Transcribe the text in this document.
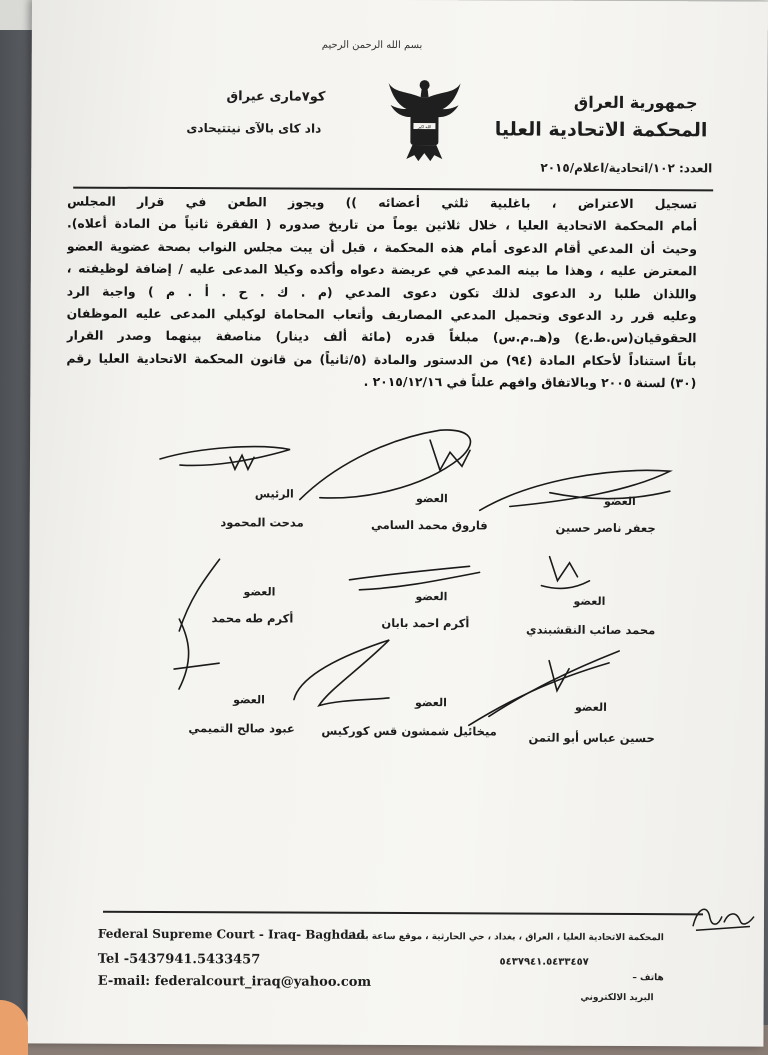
بسم الله الرحمن الرحيم
جمهورية العراق
المحكمة الاتحادية العليا
العدد: ١٠٢/اتحادية/اعلام/٢٠١٥
كو٧ماری عیراق
داد کای بالآی نیتتیحادی	الله اكبر
تسجيل الاعتراض ، باغلبية ثلثي أعضائه )) ويجوز الطعن في قرار المجلس
أمام المحكمة الاتحادية العليا ، خلال ثلاثين يوماً من تاريخ صدوره ( الفقرة ثانياً من المادة أعلاه).
وحيث أن المدعي أقام الدعوى أمام هذه المحكمة ، قبل أن يبت مجلس النواب بصحة عضوية العضو
المعترض عليه ، وهذا ما بينه المدعي في عريضة دعواه وأكده وكيلا المدعى عليه / إضافة لوظيفته ،
واللذان طلبا رد الدعوى لذلك تكون دعوى المدعي (م . ك . ح . أ . م ) واجبة الرد
وعليه قرر رد الدعوى وتحميل المدعي المصاريف وأتعاب المحاماة لوكيلي المدعى عليه الموظفان
الحقوقيان(س.ط.ع) و(هـ.م.س) مبلغاً قدره (مائة ألف دينار) مناصفة بينهما وصدر القرار
باتاً استناداً لأحكام المادة (٩٤) من الدستور والمادة (٥/ثانياً) من قانون المحكمة الاتحادية العليا رقم
(٣٠) لسنة ٢٠٠٥ وبالاتفاق وافهم علناً في ٢٠١٥/١٢/١٦ .
الرئيس
مدحت المحمود
العضو
فاروق محمد السامي
العضو
جعفر ناصر حسين
العضو
أكرم طه محمد
العضو
أكرم احمد بابان
العضو
محمد صائب النقشبندي
العضو
عبود صالح التميمي
العضو
ميخائيل شمشون قس كوركيس
العضو
حسين عباس أبو التمن
Federal Supreme Court - Iraq- Baghdad
Tel -5437941.5433457
E-mail: federalcourt_iraq@yahoo.com
المحكمة الاتحادية العليا ، العراق ، بغداد ، حي الحارثية ، موقع ساعة بغداد
٥٤٣٧٩٤١.٥٤٣٣٤٥٧
هاتف –
البريد الالكتروني
